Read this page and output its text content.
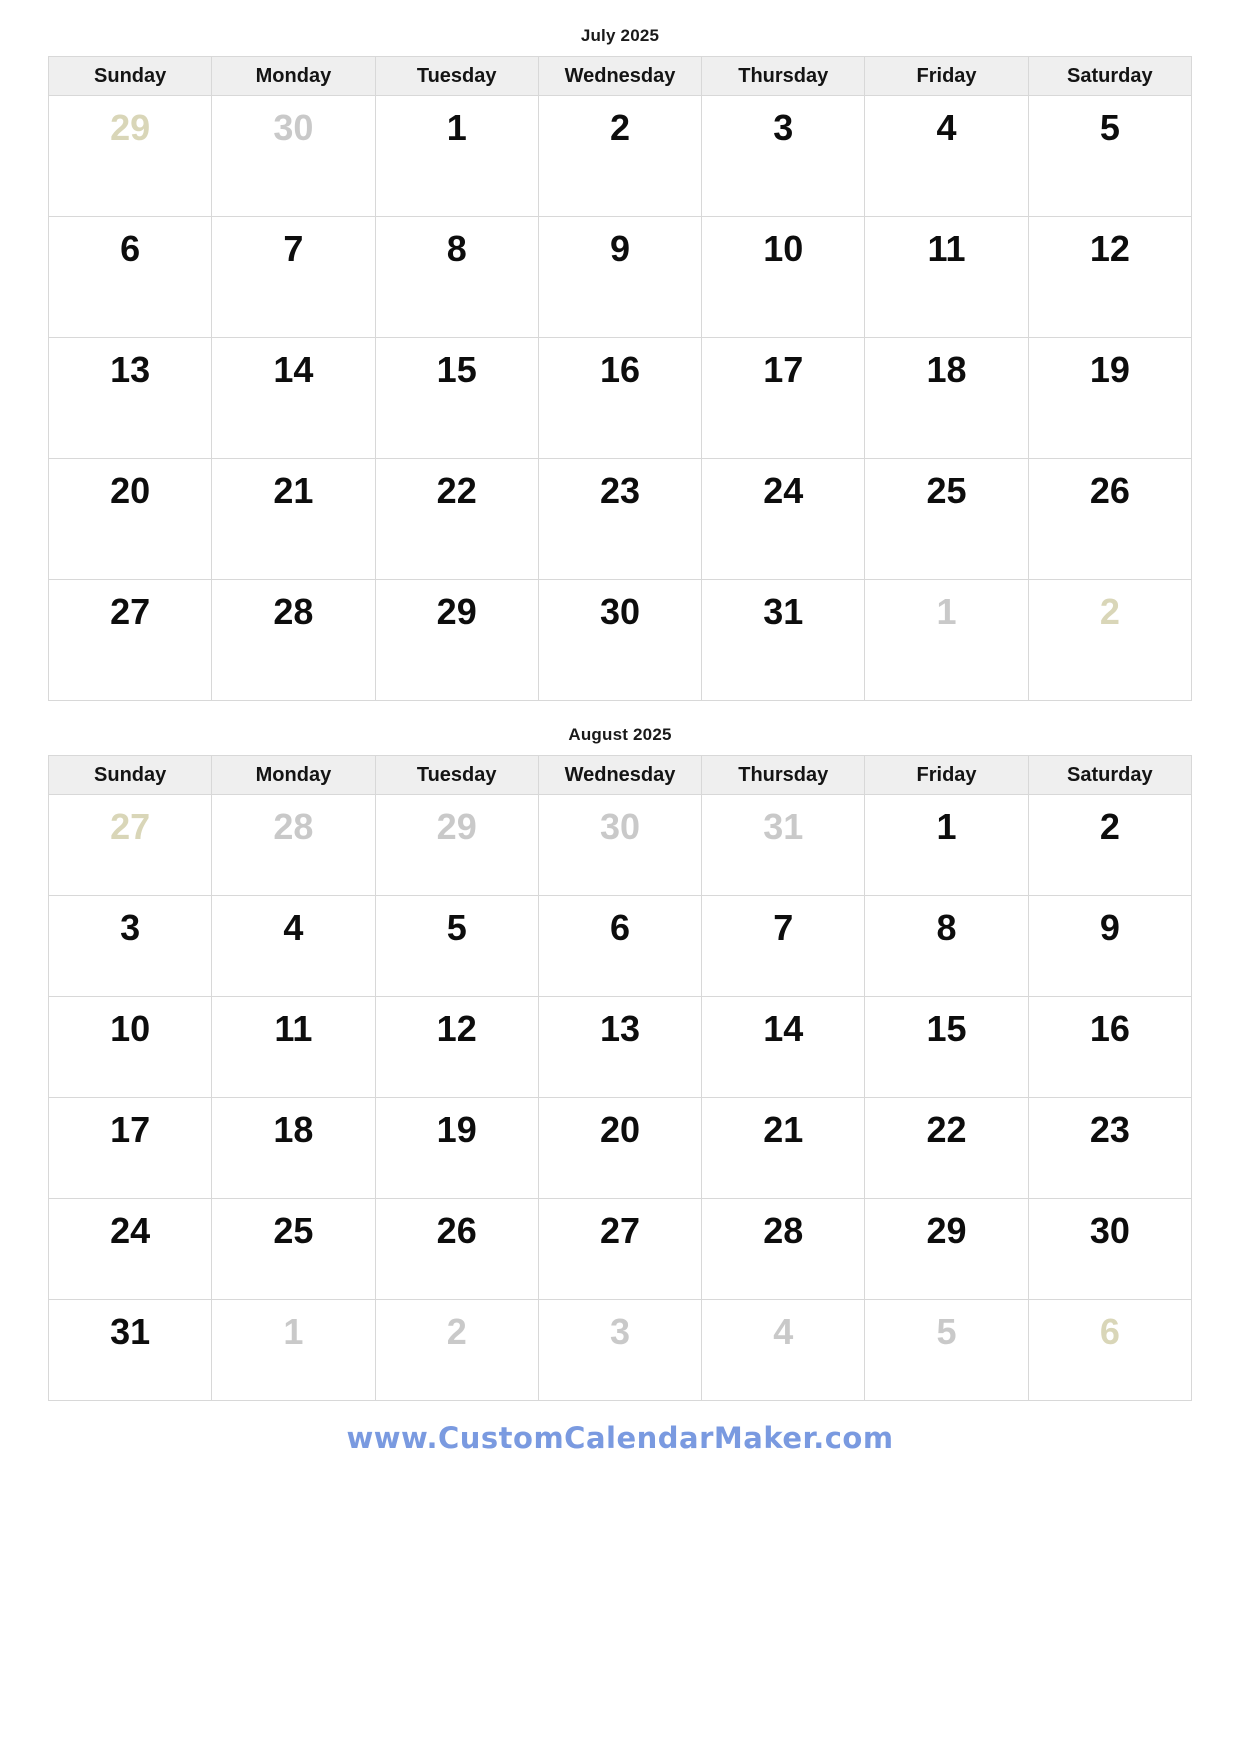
July 2025
Sunday	Monday	Tuesday	Wednesday	Thursday	Friday	Saturday

29	30	1	2	3	4	5

6	7	8	9	10	11	12

13	14	15	16	17	18	19

20	21	22	23	24	25	26

27	28	29	30	31	1	2
August 2025
Sunday	Monday	Tuesday	Wednesday	Thursday	Friday	Saturday

27	28	29	30	31	1	2

3	4	5	6	7	8	9

10	11	12	13	14	15	16

17	18	19	20	21	22	23

24	25	26	27	28	29	30

31	1	2	3	4	5	6
www.CustomCalendarMaker.com
